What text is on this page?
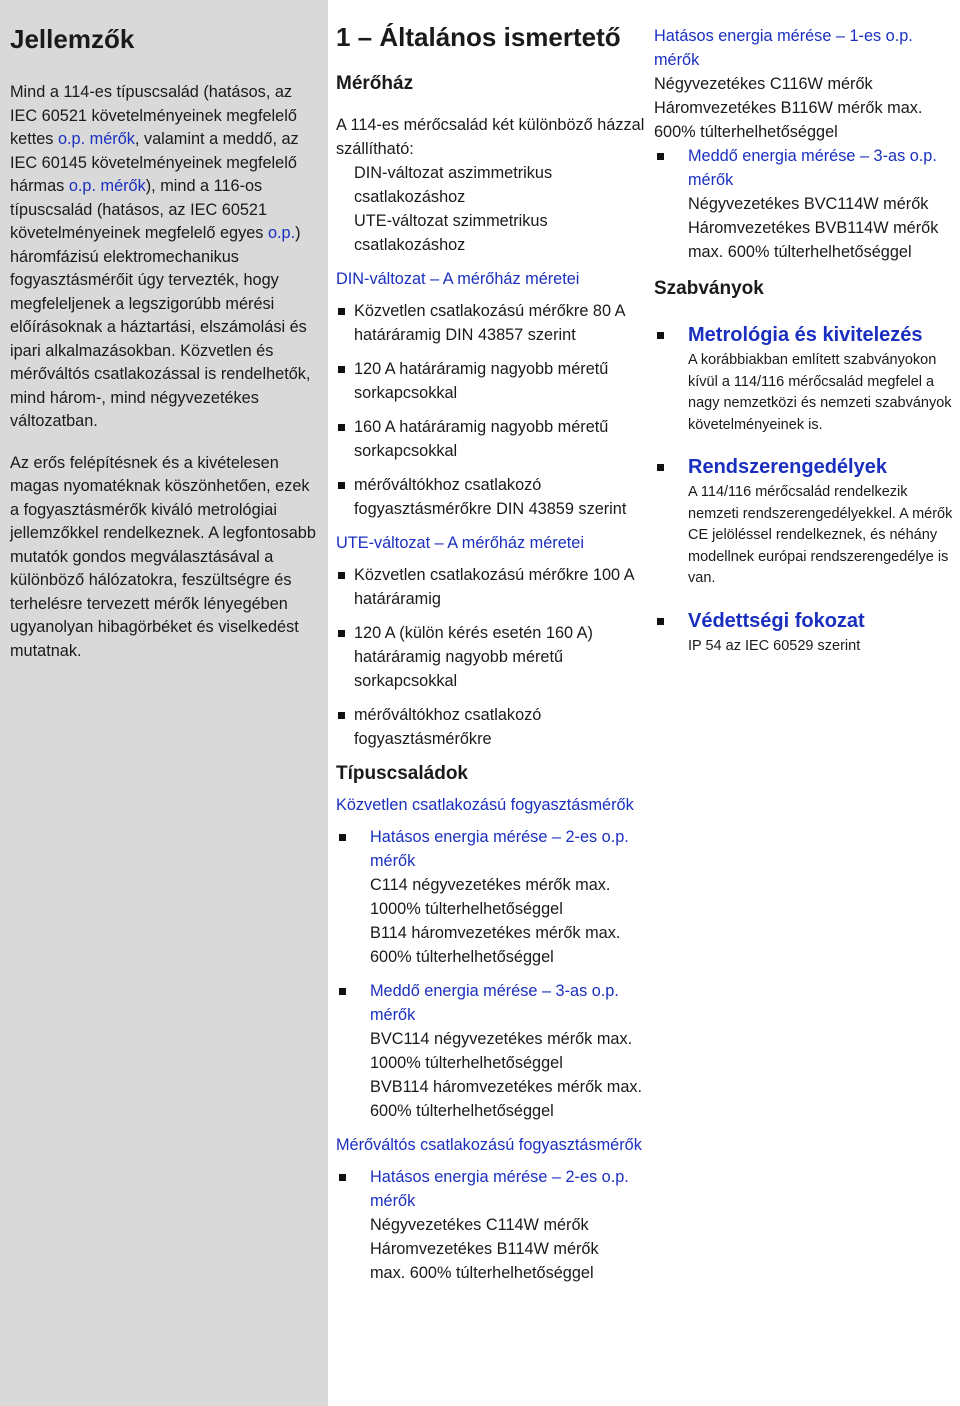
Jellemzők

Mind a 114-es típuscsalád (hatásos, az IEC 60521 követelményeinek megfelelő kettes o.p. mérők, valamint a meddő, az IEC 60145 követelményeinek megfelelő hármas o.p. mérők), mind a 116-os típuscsalád (hatásos, az IEC 60521 követelményeinek megfelelő egyes o.p.) háromfázisú elektromechanikus fogyasztásmérőit úgy tervezték, hogy megfeleljenek a legszigorúbb mérési előírásoknak a háztartási, elszámolási és ipari alkalmazásokban. Közvetlen és mérőváltós csatlakozással is rendelhetők, mind három-, mind négyvezetékes változatban.

Az erős felépítésnek és a kivételesen magas nyomatéknak köszönhetően, ezek a fogyasztásmérők kiváló metrológiai jellemzőkkel rendelkeznek. A legfontosabb mutatók gondos megválasztásával a különböző hálózatokra, feszültségre és terhelésre tervezett mérők lényegében ugyanolyan hibagörbéket és viselkedést mutatnak.

1 – Általános ismertető
Mérőház

A 114-es mérőcsalád két különböző házzal szállítható:

DIN-változat aszimmetrikus csatlakozáshoz

UTE-változat szimmetrikus csatlakozáshoz

DIN-változat – A mérőház méretei
Közvetlen csatlakozású mérőkre 80 A határáramig DIN 43857 szerint
120 A határáramig nagyobb méretű sorkapcsokkal
160 A határáramig nagyobb méretű sorkapcsokkal
mérőváltókhoz csatlakozó fogyasztásmérőkre DIN 43859 szerint
UTE-változat – A mérőház méretei
Közvetlen csatlakozású mérőkre 100 A határáramig
120 A (külön kérés esetén 160 A) határáramig nagyobb méretű sorkapcsokkal
mérőváltókhoz csatlakozó fogyasztásmérőkre
Típuscsaládok
Közvetlen csatlakozású fogyasztásmérők
Hatásos energia mérése – 2-es o.p. mérők
C114 négyvezetékes mérők max. 1000% túlterhelhetőséggel
B114 háromvezetékes mérők max. 600% túlterhelhetőséggel
Meddő energia mérése – 3-as o.p. mérők
BVC114 négyvezetékes mérők max. 1000% túlterhelhetőséggel
BVB114 háromvezetékes mérők max. 600% túlterhelhetőséggel
Mérőváltós csatlakozású fogyasztásmérők
Hatásos energia mérése – 2-es o.p. mérők
Négyvezetékes C114W mérők
Háromvezetékes B114W mérők
max. 600% túlterhelhetőséggel
Hatásos energia mérése – 1-es o.p. mérők
Négyvezetékes C116W mérők
Háromvezetékes B116W mérők max.
600% túlterhelhetőséggel
Meddő energia mérése – 3-as o.p. mérők
Négyvezetékes BVC114W mérők
Háromvezetékes BVB114W mérők
max. 600% túlterhelhetőséggel
Szabványok
Metrológia és kivitelezés
A korábbiakban említett szabványokon kívül a 114/116 mérőcsalád megfelel a nagy nemzetközi és nemzeti szabványok követelményeinek is.
Rendszerengedélyek
A 114/116 mérőcsalád rendelkezik nemzeti rendszerengedélyekkel. A mérők CE jelöléssel rendelkeznek, és néhány modellnek európai rendszerengedélye is van.
Védettségi fokozat
IP 54 az IEC 60529 szerint
